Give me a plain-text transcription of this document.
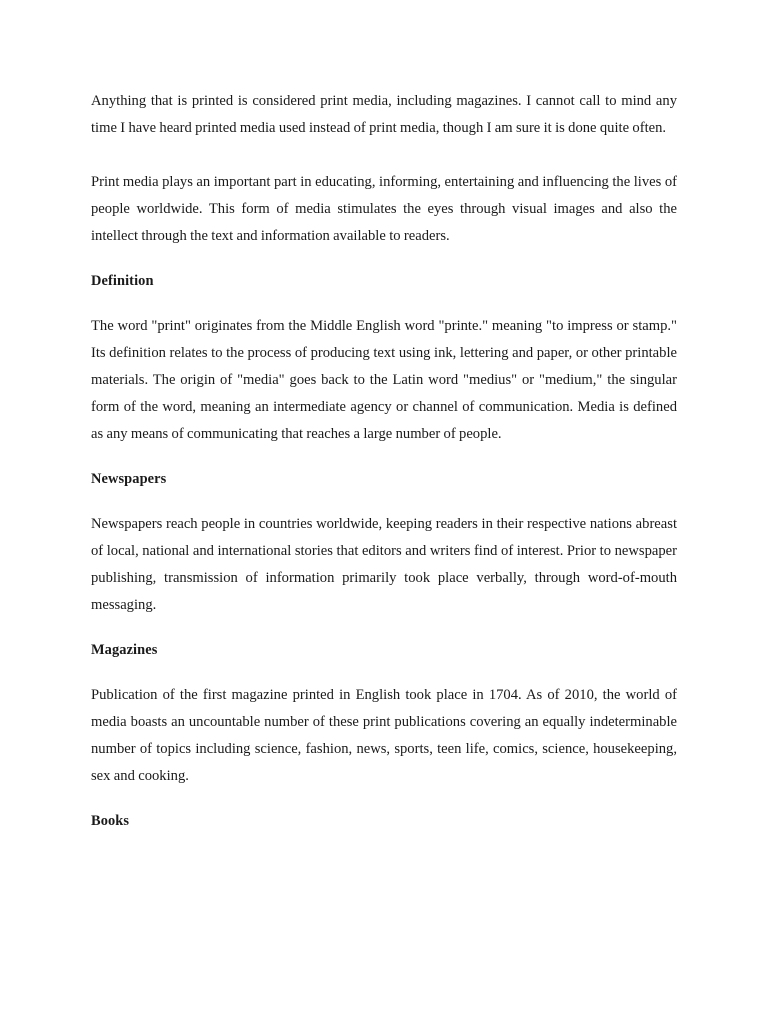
Anything that is printed is considered print media, including magazines. I cannot call to mind any time I have heard printed media used instead of print media, though I am sure it is done quite often.

Print media plays an important part in educating, informing, entertaining and influencing the lives of people worldwide. This form of media stimulates the eyes through visual images and also the intellect through the text and information available to readers.

Definition

The word "print" originates from the Middle English word "printe." meaning "to impress or stamp." Its definition relates to the process of producing text using ink, lettering and paper, or other printable materials. The origin of "media" goes back to the Latin word "medius" or "medium," the singular form of the word, meaning an intermediate agency or channel of communication. Media is defined as any means of communicating that reaches a large number of people.

Newspapers

Newspapers reach people in countries worldwide, keeping readers in their respective nations abreast of local, national and international stories that editors and writers find of interest. Prior to newspaper publishing, transmission of information primarily took place verbally, through word-of-mouth messaging.

Magazines

Publication of the first magazine printed in English took place in 1704. As of 2010, the world of media boasts an uncountable number of these print publications covering an equally indeterminable number of topics including science, fashion, news, sports, teen life, comics, science, housekeeping, sex and cooking.

Books
